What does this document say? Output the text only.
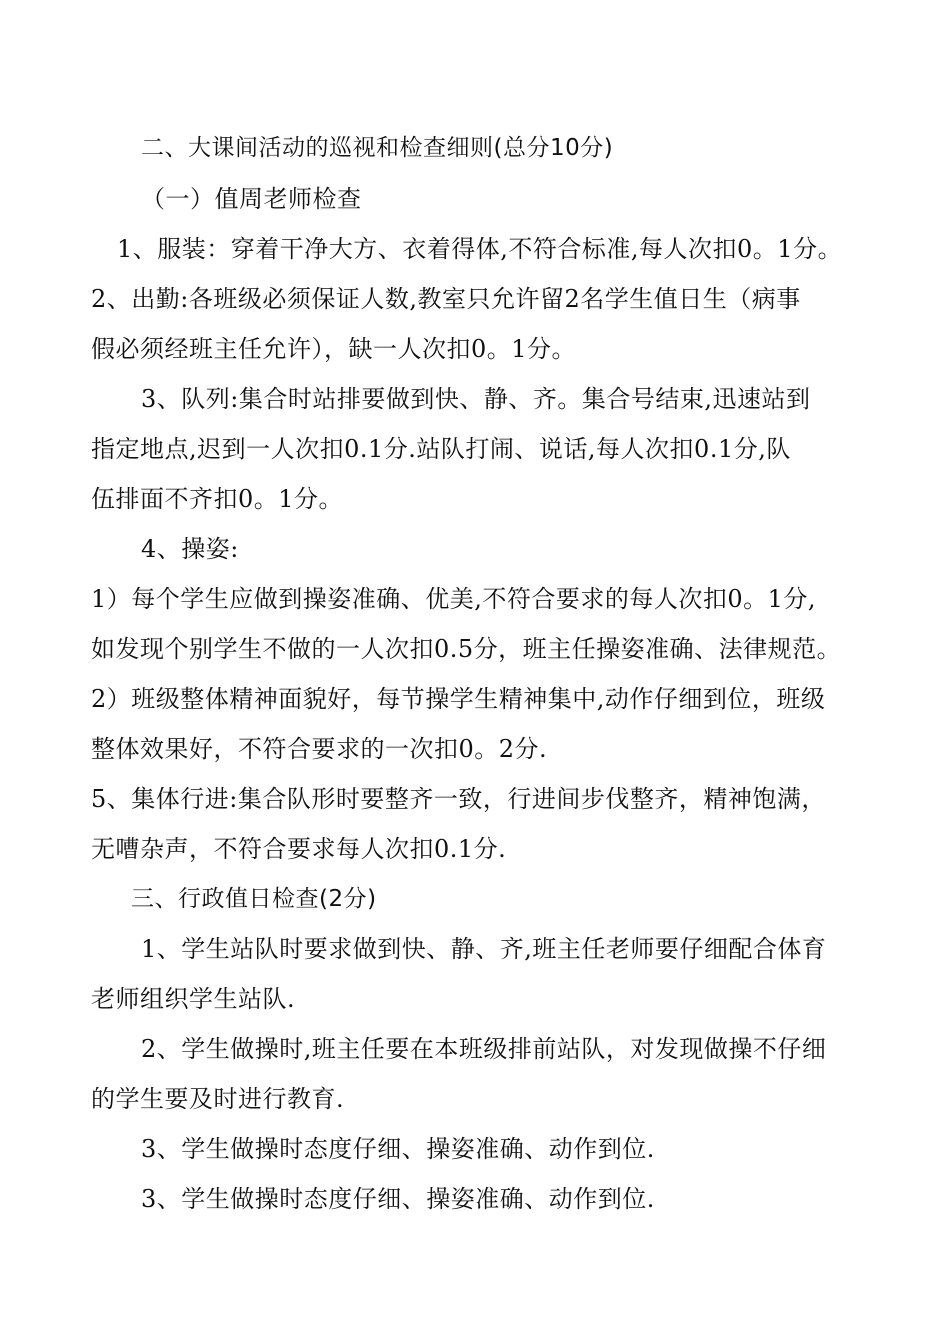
二、大课间活动的巡视和检查细则(总分10分)

（一）值周老师检查

1、服装：穿着干净大方、衣着得体,不符合标准,每人次扣0。1分。

2、出勤:各班级必须保证人数,教室只允许留2名学生值日生（病事

假必须经班主任允许），缺一人次扣0。1分。

3、队列:集合时站排要做到快、静、齐。集合号结束,迅速站到

指定地点,迟到一人次扣0.1分.站队打闹、说话,每人次扣0.1分,队

伍排面不齐扣0。1分。

4、操姿:

1）每个学生应做到操姿准确、优美,不符合要求的每人次扣0。1分,

如发现个别学生不做的一人次扣0.5分，班主任操姿准确、法律规范。

2）班级整体精神面貌好，每节操学生精神集中,动作仔细到位，班级

整体效果好，不符合要求的一次扣0。2分.

5、集体行进:集合队形时要整齐一致，行进间步伐整齐，精神饱满，

无嘈杂声，不符合要求每人次扣0.1分.

三、行政值日检查(2分)

1、学生站队时要求做到快、静、齐,班主任老师要仔细配合体育

老师组织学生站队.

2、学生做操时,班主任要在本班级排前站队，对发现做操不仔细

的学生要及时进行教育.

3、学生做操时态度仔细、操姿准确、动作到位.

3、学生做操时态度仔细、操姿准确、动作到位.
